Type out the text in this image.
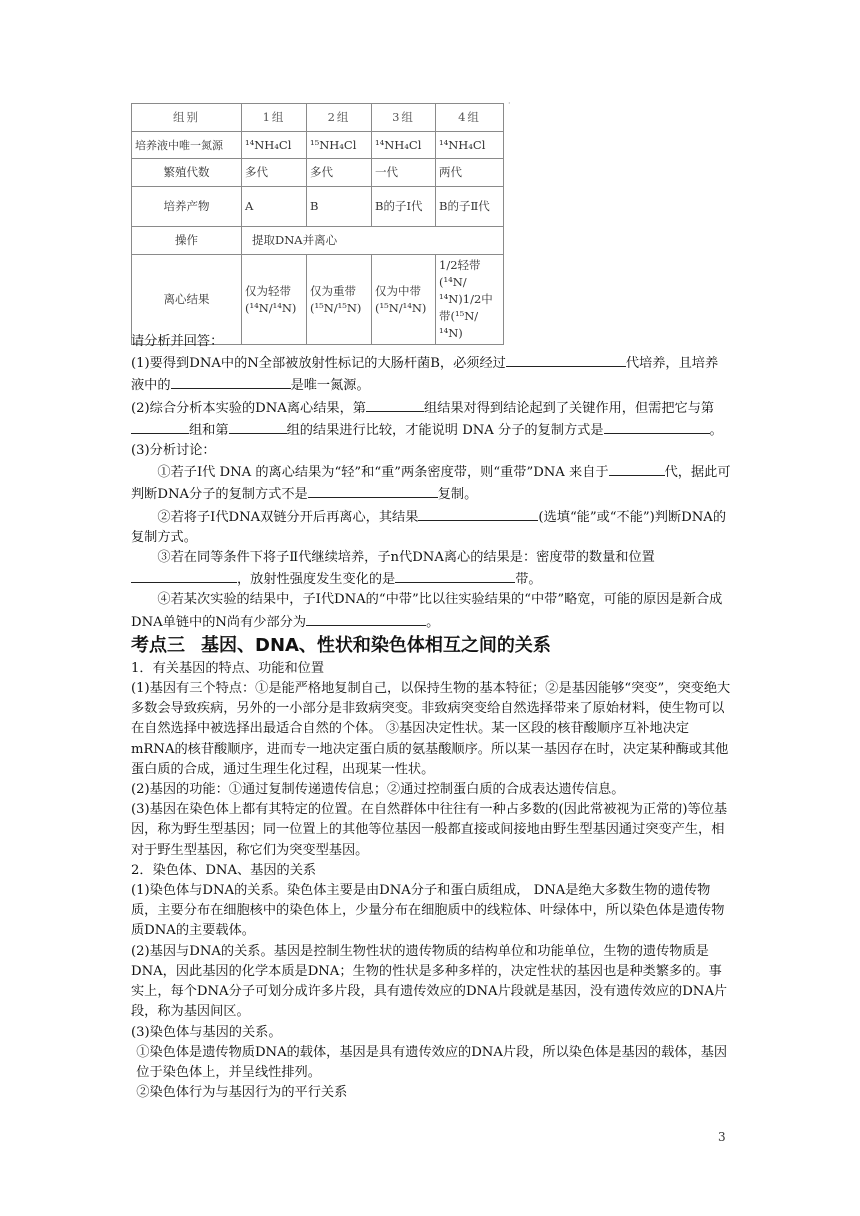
·
组别	1组	2组	3组	4组
培养液中唯一氮源	¹⁴NH₄Cl	¹⁵NH₄Cl	¹⁴NH₄Cl	¹⁴NH₄Cl
繁殖代数	多代	多代	一代	两代
培养产物	A	B	B的子Ⅰ代	B的子Ⅱ代
操作	提取DNA并离心			
离心结果	仅为轻带(¹⁴N/¹⁴N)	仅为重带(¹⁵N/¹⁵N)	仅为中带(¹⁵N/¹⁴N)	1/2轻带(¹⁴N/¹⁴N)1/2中带(¹⁵N/¹⁴N)

请分析并回答：

(1)要得到DNA中的N全部被放射性标记的大肠杆菌B，必须经过	代培养，且培养液中的	是唯一氮源。

(2)综合分析本实验的DNA离心结果，第	组结果对得到结论起到了关键作用，但需把它与第组和第	组的结果进行比较，才能说明 DNA 分子的复制方式是	。

(3)分析讨论：

①若子Ⅰ代 DNA 的离心结果为“轻”和“重”两条密度带，则“重带”DNA 来自于	代，据此可判断DNA分子的复制方式不是	复制。

②若将子Ⅰ代DNA双链分开后再离心，其结果	(选填“能”或“不能”)判断DNA的复制方式。

③若在同等条件下将子Ⅱ代继续培养，子n代DNA离心的结果是：密度带的数量和位置，放射性强度发生变化的是	带。

④若某次实验的结果中，子Ⅰ代DNA的“中带”比以往实验结果的“中带”略宽，可能的原因是新合成DNA单链中的N尚有少部分为	。

考点三 基因、DNA、性状和染色体相互之间的关系

1．有关基因的特点、功能和位置

(1)基因有三个特点：①是能严格地复制自己，以保持生物的基本特征；②是基因能够“突变”，突变绝大多数会导致疾病，另外的一小部分是非致病突变。非致病突变给自然选择带来了原始材料，使生物可以在自然选择中被选择出最适合自然的个体。 ③基因决定性状。某一区段的核苷酸顺序互补地决定mRNA的核苷酸顺序，进而专一地决定蛋白质的氨基酸顺序。所以某一基因存在时，决定某种酶或其他蛋白质的合成，通过生理生化过程，出现某一性状。

(2)基因的功能：①通过复制传递遗传信息；②通过控制蛋白质的合成表达遗传信息。

(3)基因在染色体上都有其特定的位置。在自然群体中往往有一种占多数的(因此常被视为正常的)等位基因，称为野生型基因；同一位置上的其他等位基因一般都直接或间接地由野生型基因通过突变产生，相对于野生型基因，称它们为突变型基因。

2．染色体、DNA、基因的关系

(1)染色体与DNA的关系。染色体主要是由DNA分子和蛋白质组成， DNA是绝大多数生物的遗传物质，主要分布在细胞核中的染色体上，少量分布在细胞质中的线粒体、叶绿体中，所以染色体是遗传物质DNA的主要载体。

(2)基因与DNA的关系。基因是控制生物性状的遗传物质的结构单位和功能单位，生物的遗传物质是DNA，因此基因的化学本质是DNA；生物的性状是多种多样的，决定性状的基因也是种类繁多的。事实上，每个DNA分子可划分成许多片段，具有遗传效应的DNA片段就是基因，没有遗传效应的DNA片段，称为基因间区。

(3)染色体与基因的关系。

①染色体是遗传物质DNA的载体，基因是具有遗传效应的DNA片段，所以染色体是基因的载体，基因位于染色体上，并呈线性排列。

②染色体行为与基因行为的平行关系

3
